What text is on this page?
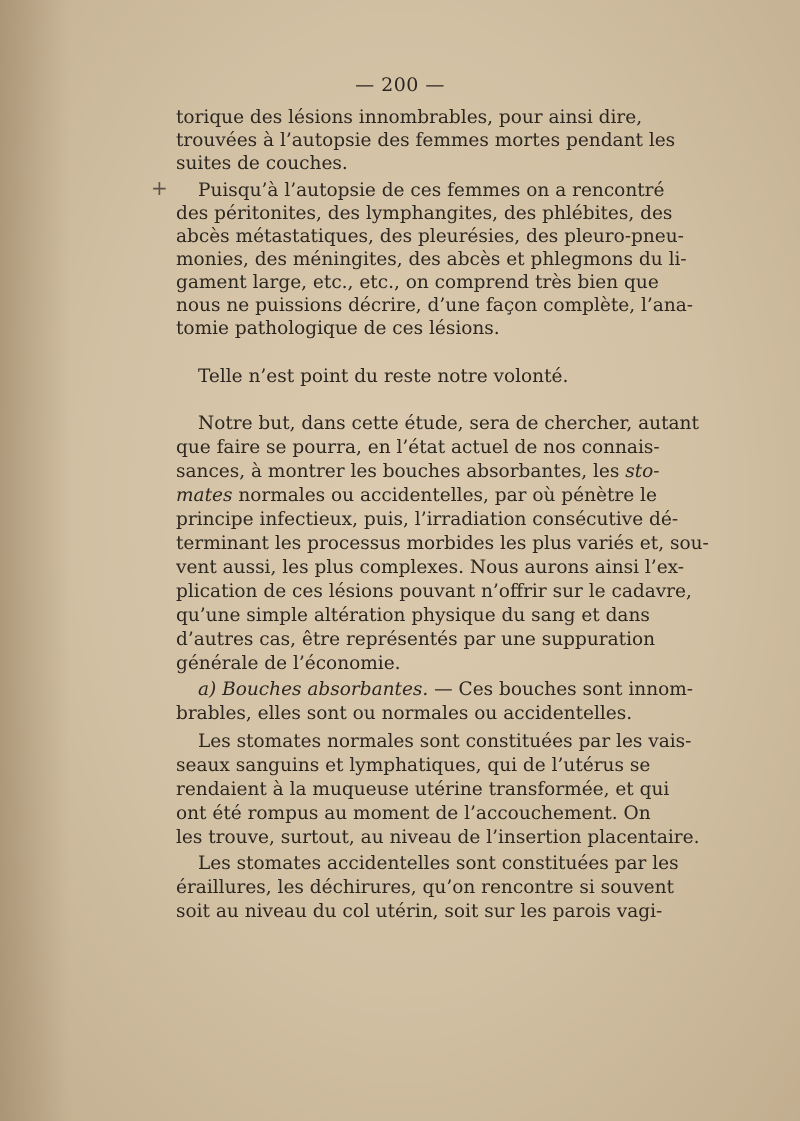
— 200 —
+
torique des lésions innombrables, pour ainsi dire,
trouvées à l’autopsie des femmes mortes pendant les
suites de couches.
Puisqu’à l’autopsie de ces femmes on a rencontré
des péritonites, des lymphangites, des phlébites, des
abcès métastatiques, des pleurésies, des pleuro-pneu-
monies, des méningites, des abcès et phlegmons du li-
gament large, etc., etc., on comprend très bien que
nous ne puissions décrire, d’une façon complète, l’ana-
tomie pathologique de ces lésions.
Telle n’est point du reste notre volonté.
Notre but, dans cette étude, sera de chercher, autant
que faire se pourra, en l’état actuel de nos connais-
sances, à montrer les bouches absorbantes, les sto-
mates normales ou accidentelles, par où pénètre le
principe infectieux, puis, l’irradiation consécutive dé-
terminant les processus morbides les plus variés et, sou-
vent aussi, les plus complexes. Nous aurons ainsi l’ex-
plication de ces lésions pouvant n’offrir sur le cadavre,
qu’une simple altération physique du sang et dans
d’autres cas, être représentés par une suppuration
générale de l’économie.
a) Bouches absorbantes. — Ces bouches sont innom-
brables, elles sont ou normales ou accidentelles.
Les stomates normales sont constituées par les vais-
seaux sanguins et lymphatiques, qui de l’utérus se
rendaient à la muqueuse utérine transformée, et qui
ont été rompus au moment de l’accouchement. On
les trouve, surtout, au niveau de l’insertion placentaire.
Les stomates accidentelles sont constituées par les
éraillures, les déchirures, qu’on rencontre si souvent
soit au niveau du col utérin, soit sur les parois vagi-
